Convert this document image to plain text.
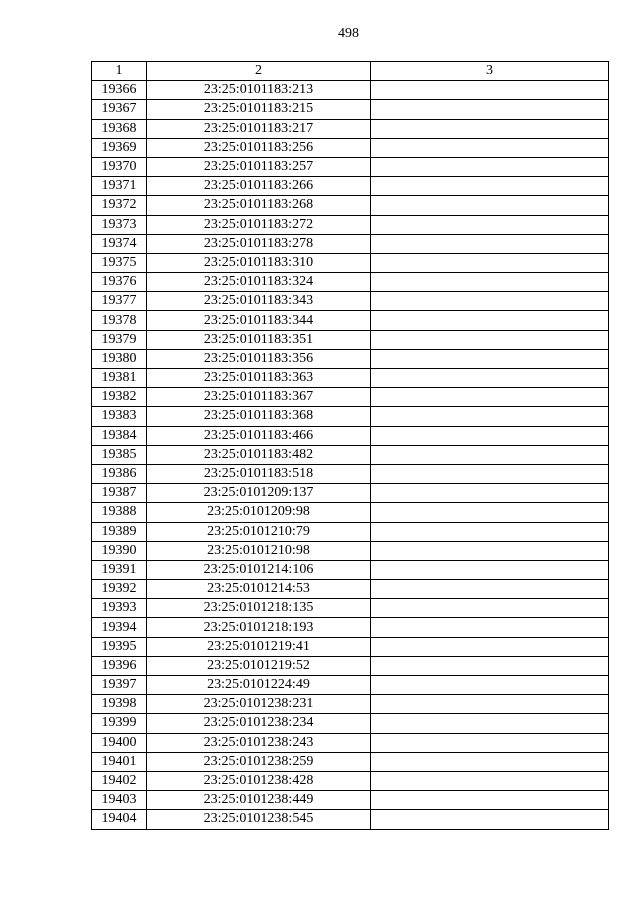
498
1	2	3
19366	23:25:0101183:213	
19367	23:25:0101183:215	
19368	23:25:0101183:217	
19369	23:25:0101183:256	
19370	23:25:0101183:257	
19371	23:25:0101183:266	
19372	23:25:0101183:268	
19373	23:25:0101183:272	
19374	23:25:0101183:278	
19375	23:25:0101183:310	
19376	23:25:0101183:324	
19377	23:25:0101183:343	
19378	23:25:0101183:344	
19379	23:25:0101183:351	
19380	23:25:0101183:356	
19381	23:25:0101183:363	
19382	23:25:0101183:367	
19383	23:25:0101183:368	
19384	23:25:0101183:466	
19385	23:25:0101183:482	
19386	23:25:0101183:518	
19387	23:25:0101209:137	
19388	23:25:0101209:98	
19389	23:25:0101210:79	
19390	23:25:0101210:98	
19391	23:25:0101214:106	
19392	23:25:0101214:53	
19393	23:25:0101218:135	
19394	23:25:0101218:193	
19395	23:25:0101219:41	
19396	23:25:0101219:52	
19397	23:25:0101224:49	
19398	23:25:0101238:231	
19399	23:25:0101238:234	
19400	23:25:0101238:243	
19401	23:25:0101238:259	
19402	23:25:0101238:428	
19403	23:25:0101238:449	
19404	23:25:0101238:545	
